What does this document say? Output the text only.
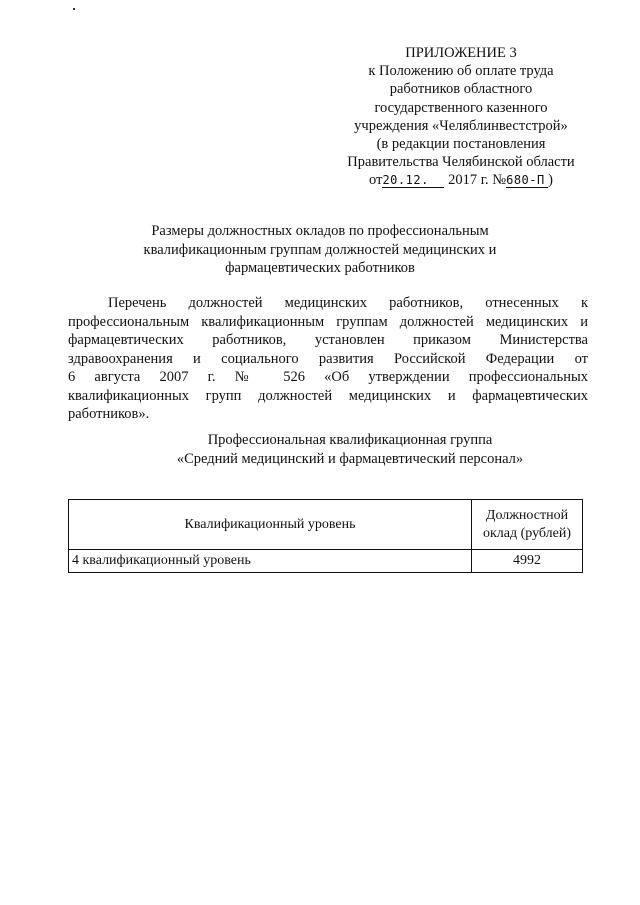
ПРИЛОЖЕНИЕ 3
к Положению об оплате труда
работников областного
государственного казенного
учреждения «Челяблинвестстрой»
(в редакции постановления
Правительства Челябинской области
от20.12. 2017 г. №680-П )
Размеры должностных окладов по профессиональным
квалификационным группам должностей медицинских и
фармацевтических работников
Перечень должностей медицинских работников, отнесенных к
профессиональным квалификационным группам должностей медицинских и
фармацевтических работников, установлен приказом Министерства
здравоохранения и социального развития Российской Федерации от
6 августа 2007 г. № 526 «Об утверждении профессиональных
квалификационных групп должностей медицинских и фармацевтических
работников».
Профессиональная квалификационная группа
«Средний медицинский и фармацевтический персонал»
Квалификационный уровень	Должностной
оклад (рублей)
4 квалификационный уровень	4992
